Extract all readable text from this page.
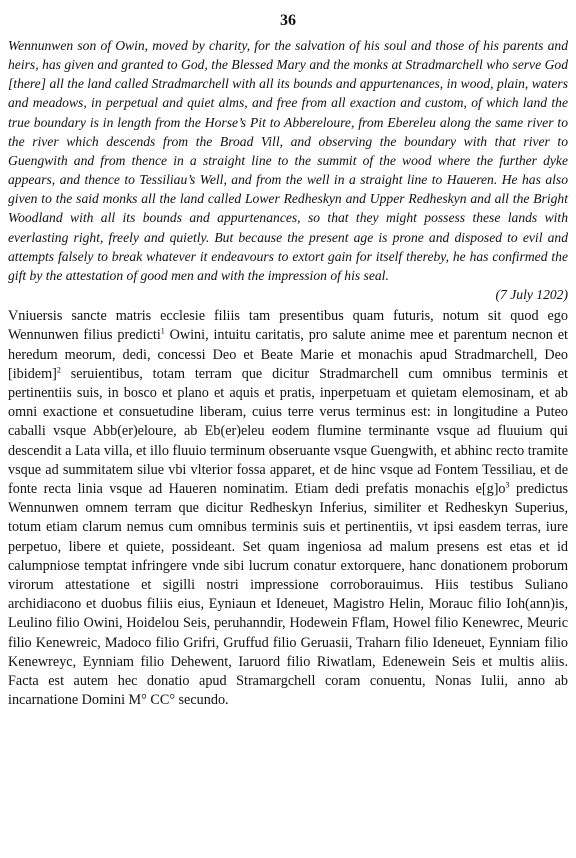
36

Wennunwen son of Owin, moved by charity, for the salvation of his soul and those of his parents and heirs, has given and granted to God, the Blessed Mary and the monks at Stradmarchell who serve God [there] all the land called Stradmarchell with all its bounds and appurtenances, in wood, plain, waters and meadows, in perpetual and quiet alms, and free from all exaction and custom, of which land the true boundary is in length from the Horse’s Pit to Abbereloure, from Ebereleu along the same river to the river which descends from the Broad Vill, and observing the boundary with that river to Guengwith and from thence in a straight line to the summit of the wood where the further dyke appears, and thence to Tessiliau’s Well, and from the well in a straight line to Haueren. He has also given to the said monks all the land called Lower Redheskyn and Upper Redheskyn and all the Bright Woodland with all its bounds and appurtenances, so that they might possess these lands with everlasting right, freely and quietly. But because the present age is prone and disposed to evil and attempts falsely to break whatever it endeavours to extort gain for itself thereby, he has confirmed the gift by the attestation of good men and with the impression of his seal.

(7 July 1202)

Vniuersis sancte matris ecclesie filiis tam presentibus quam futuris, notum sit quod ego Wennunwen filius predicti$^1$ Owini, intuitu caritatis, pro salute anime mee et parentum necnon et heredum meorum, dedi, concessi Deo et Beate Marie et monachis apud Stradmarchell, Deo [ibidem]$^2$ seruientibus, totam terram que dicitur Stradmarchell cum omnibus terminis et pertinentiis suis, in bosco et plano et aquis et pratis, inperpetuam et quietam elemosinam, et ab omni exactione et consuetudine liberam, cuius terre verus terminus est: in longitudine a Puteo caballi vsque Abb(er)eloure, ab Eb(er)eleu eodem flumine terminante vsque ad fluuium qui descendit a Lata villa, et illo fluuio terminum obseruante vsque Guengwith, et abhinc recto tramite vsque ad summitatem silue vbi vlterior fossa apparet, et de hinc vsque ad Fontem Tessiliau, et de fonte recta linia vsque ad Haueren nominatim. Etiam dedi prefatis monachis $e[g]o^3$ predictus Wennunwen omnem terram que dicitur Redheskyn Inferius, similiter et Redheskyn Superius, totum etiam clarum nemus cum omnibus terminis suis et pertinentiis, vt ipsi easdem terras, iure perpetuo, libere et quiete, possideant. Set quam ingeniosa ad malum presens est etas et id calumpniose temptat infringere vnde sibi lucrum conatur extorquere, hanc donationem proborum virorum attestatione et sigilli nostri impressione corroborauimus. Hiis testibus Suliano archidiacono et duobus filiis eius, Eyniaun et Ideneuet, Magistro Helin, Morauc filio Ioh(ann)is, Leulino filio Owini, Hoidelou Seis, peruhanndir, Hodewein Fflam, Howel filio Kenewrec, Meuric filio Kenewreic, Madoco filio Grifri, Gruffud filio Geruasii, Traharn filio Ideneuet, Eynniam filio Kenewreyc, Eynniam filio Dehewent, Iaruord filio Riwatlam, Edenewein Seis et multis aliis. Facta est autem hec donatio apud Stramargchell coram conuentu, Nonas Iulii, anno ab incarnatione Domini M° CC° secundo.
